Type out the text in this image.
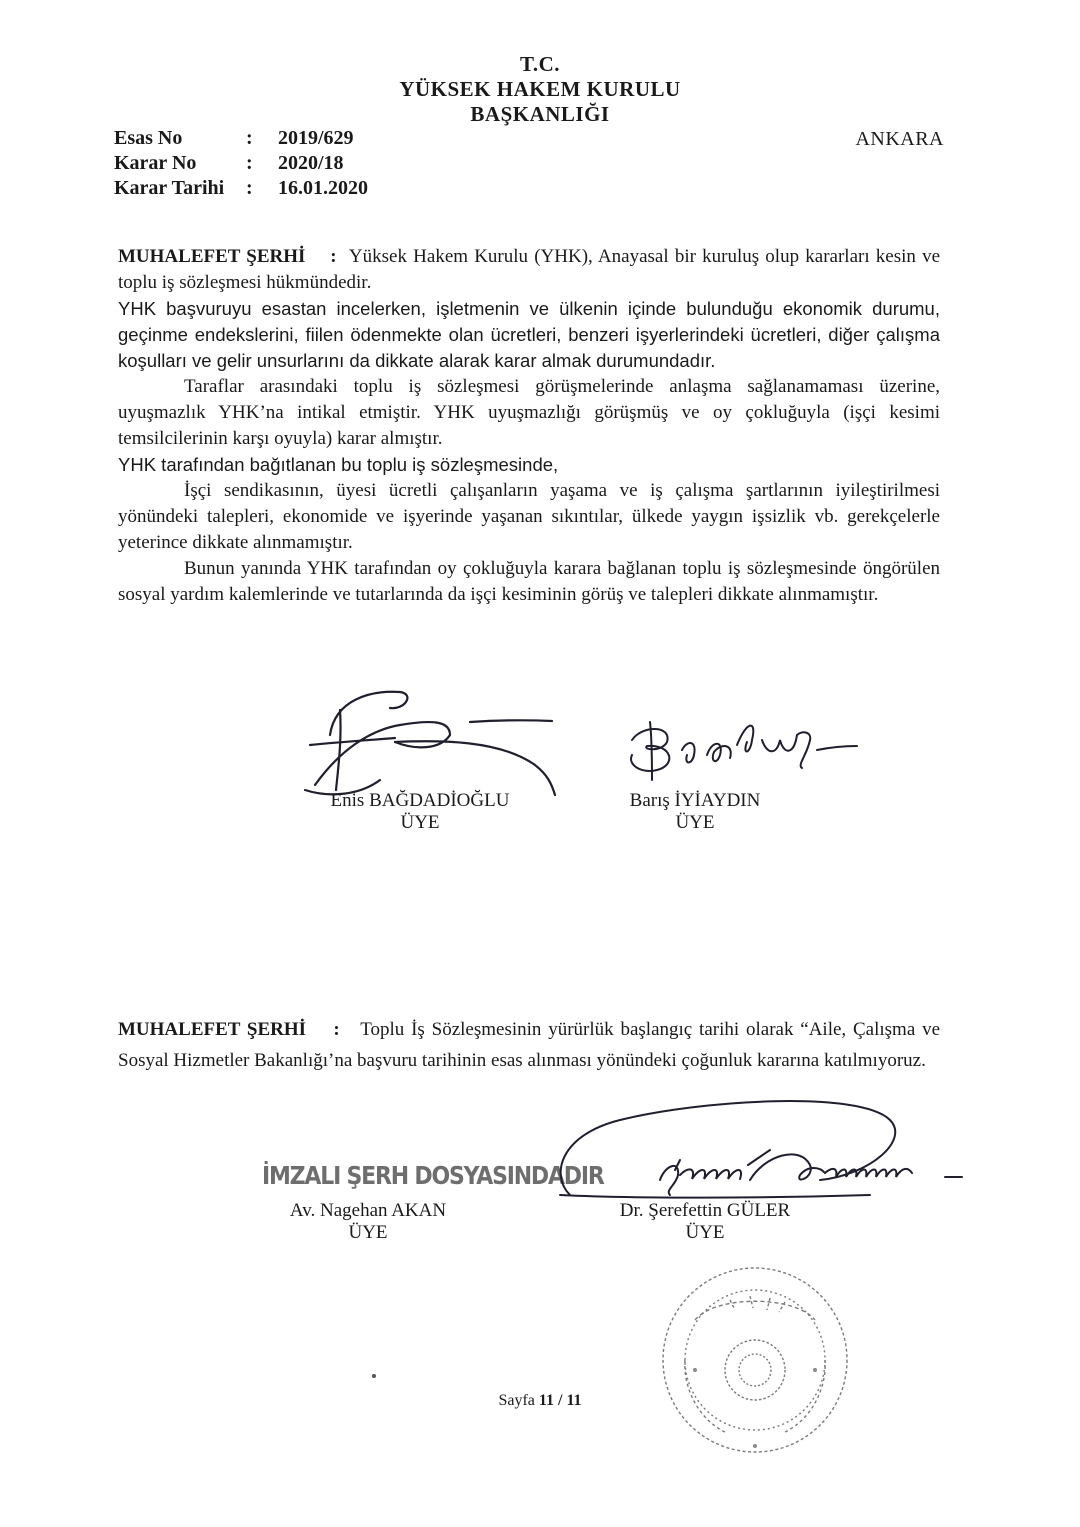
T.C.
YÜKSEK HAKEM KURULU
BAŞKANLIĞI
Esas No	: 2019/629
Karar No : 2020/18
Karar Tarihi : 16.01.2020
ANKARA

MUHALEFET ŞERHİ : Yüksek Hakem Kurulu (YHK), Anayasal bir kuruluş olup kararları kesin ve toplu iş sözleşmesi hükmündedir.

YHK başvuruyu esastan incelerken, işletmenin ve ülkenin içinde bulunduğu ekonomik durumu, geçinme endekslerini, fiilen ödenmekte olan ücretleri, benzeri işyerlerindeki ücretleri, diğer çalışma koşulları ve gelir unsurlarını da dikkate alarak karar almak durumundadır.

Taraflar arasındaki toplu iş sözleşmesi görüşmelerinde anlaşma sağlanamaması üzerine, uyuşmazlık YHK’na intikal etmiştir. YHK uyuşmazlığı görüşmüş ve oy çokluğuyla (işçi kesimi temsilcilerinin karşı oyuyla) karar almıştır.

YHK tarafından bağıtlanan bu toplu iş sözleşmesinde,

İşçi sendikasının, üyesi ücretli çalışanların yaşama ve iş çalışma şartlarının iyileştirilmesi yönündeki talepleri, ekonomide ve işyerinde yaşanan sıkıntılar, ülkede yaygın işsizlik vb. gerekçelerle yeterince dikkate alınmamıştır.

Bunun yanında YHK tarafından oy çokluğuyla karara bağlanan toplu iş sözleşmesinde öngörülen sosyal yardım kalemlerinde ve tutarlarında da işçi kesiminin görüş ve talepleri dikkate alınmamıştır.

Enis BAĞDADİOĞLU
ÜYE
Barış İYİAYDIN
ÜYE

MUHALEFET ŞERHİ : Toplu İş Sözleşmesinin yürürlük başlangıç tarihi olarak “Aile, Çalışma ve Sosyal Hizmetler Bakanlığı’na başvuru tarihinin esas alınması yönündeki çoğunluk kararına katılmıyoruz.

İMZALI ŞERH DOSYASINDADIR
Av. Nagehan AKAN
ÜYE
Dr. Şerefettin GÜLER
ÜYE
Sayfa 11 / 11
